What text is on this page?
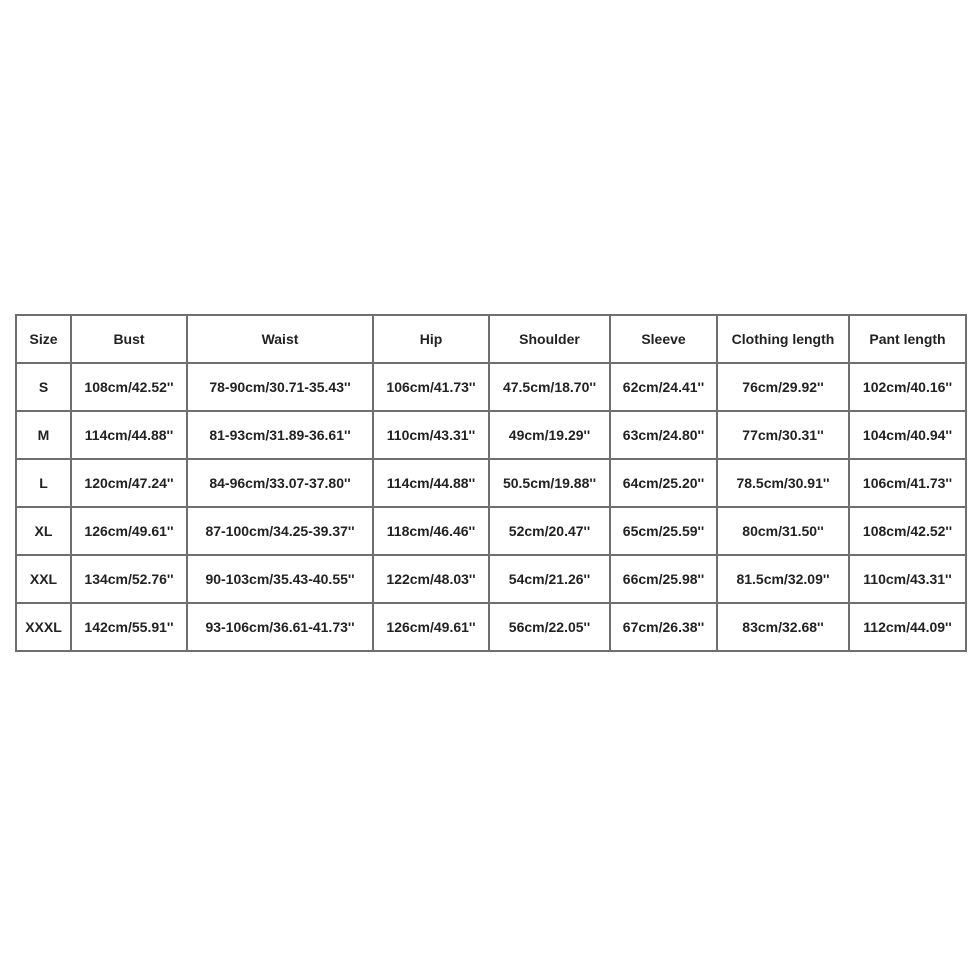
Size	Bust	Waist	Hip	Shoulder	Sleeve	Clothing length	Pant length
S	108cm/42.52''	78-90cm/30.71-35.43''	106cm/41.73''	47.5cm/18.70''	62cm/24.41''	76cm/29.92''	102cm/40.16''
M	114cm/44.88''	81-93cm/31.89-36.61''	110cm/43.31''	49cm/19.29''	63cm/24.80''	77cm/30.31''	104cm/40.94''
L	120cm/47.24''	84-96cm/33.07-37.80''	114cm/44.88''	50.5cm/19.88''	64cm/25.20''	78.5cm/30.91''	106cm/41.73''
XL	126cm/49.61''	87-100cm/34.25-39.37''	118cm/46.46''	52cm/20.47''	65cm/25.59''	80cm/31.50''	108cm/42.52''
XXL	134cm/52.76''	90-103cm/35.43-40.55''	122cm/48.03''	54cm/21.26''	66cm/25.98''	81.5cm/32.09''	110cm/43.31''
XXXL	142cm/55.91''	93-106cm/36.61-41.73''	126cm/49.61''	56cm/22.05''	67cm/26.38''	83cm/32.68''	112cm/44.09''
